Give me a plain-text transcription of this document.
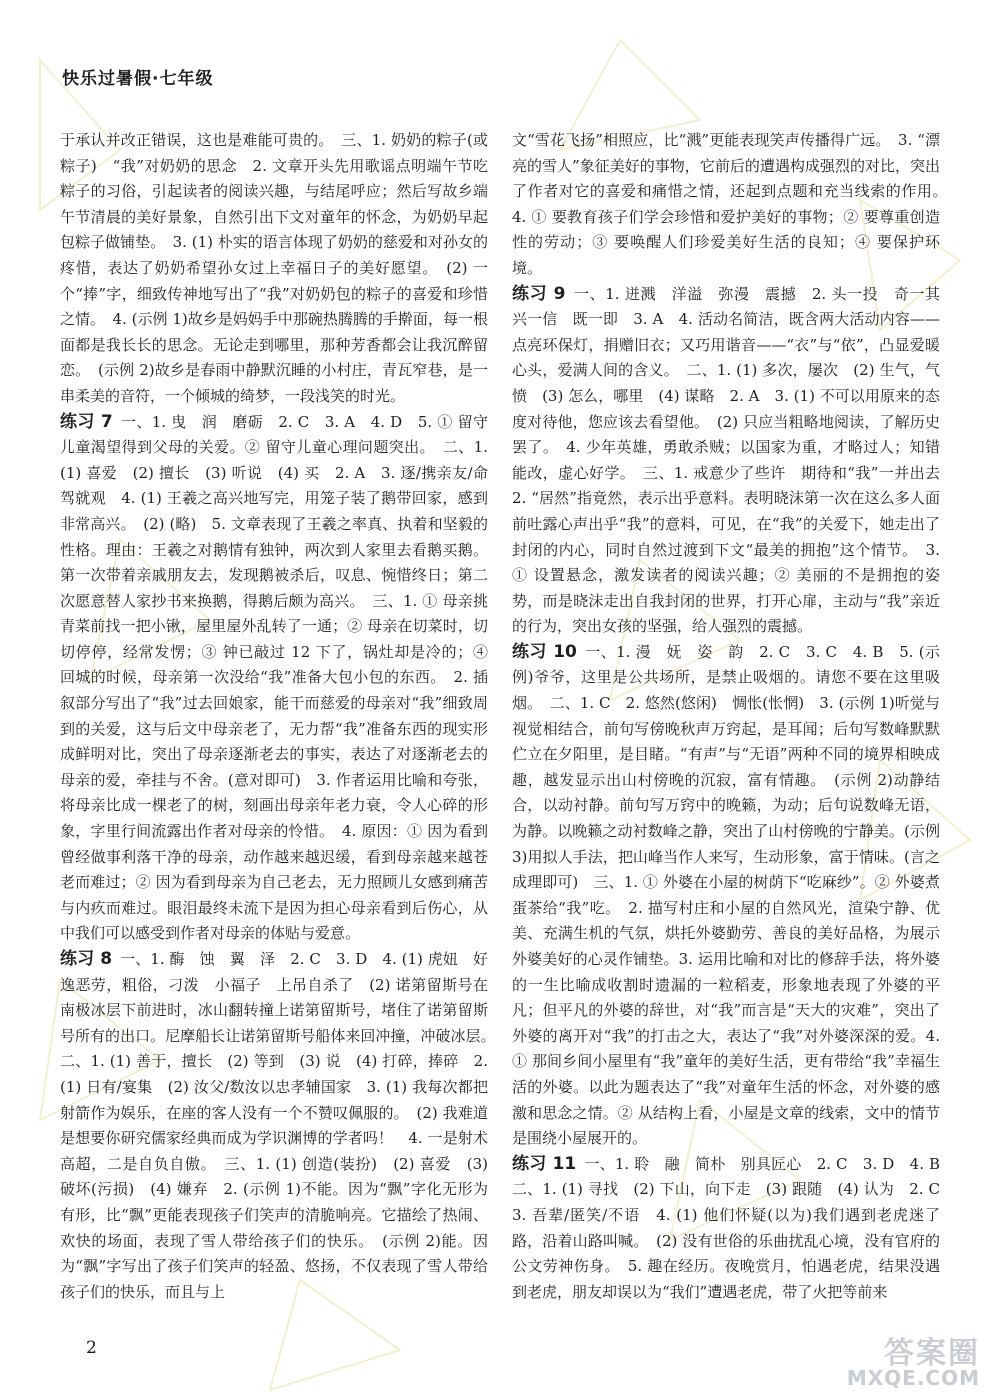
快乐过暑假·七年级

于承认并改正错误，这也是难能可贵的。　三、1. 奶奶的粽子(或粽子)　“我”对奶奶的思念　2. 文章开头先用歌谣点明端午节吃粽子的习俗，引起读者的阅读兴趣，与结尾呼应；然后写故乡端午节清晨的美好景象，自然引出下文对童年的怀念，为奶奶早起包粽子做铺垫。　3. (1) 朴实的语言体现了奶奶的慈爱和对孙女的疼惜，表达了奶奶希望孙女过上幸福日子的美好愿望。　(2) 一个“捧”字，细致传神地写出了“我”对奶奶包的粽子的喜爱和珍惜之情。　4. (示例 1)故乡是妈妈手中那碗热腾腾的手擀面，每一根面都是我长长的思念。无论走到哪里，那种芳香都会让我沉醉留恋。　(示例 2)故乡是春雨中静默沉睡的小村庄，青瓦窄巷，是一串柔美的音符，一个倾城的绮梦，一段浅笑的时光。

练习 7 一、1. 曳　润　磨砺　2. C　3. A　4. D　5. ① 留守儿童渴望得到父母的关爱。② 留守儿童心理问题突出。　二、1. (1) 喜爱　(2) 擅长　(3) 听说　(4) 买　2. A　3. 逐/携亲友/命驾就观　4. (1) 王羲之高兴地写完，用笼子装了鹅带回家，感到非常高兴。　(2) (略)　5. 文章表现了王羲之率真、执着和坚毅的性格。理由：王羲之对鹅情有独钟，两次到人家里去看鹅买鹅。第一次带着亲戚朋友去，发现鹅被杀后，叹息、惋惜终日；第二次愿意替人家抄书来换鹅，得鹅后颇为高兴。　三、1. ① 母亲挑青菜前找一把小锹，屋里屋外乱转了一通；② 母亲在切菜时，切切停停，经常发愣；③ 钟已敲过 12 下了，锅灶却是冷的；④ 回城的时候，母亲第一次没给“我”准备大包小包的东西。　2. 插叙部分写出了“我”过去回娘家，能干而慈爱的母亲对“我”细致周到的关爱，这与后文中母亲老了，无力帮“我”准备东西的现实形成鲜明对比，突出了母亲逐渐老去的事实，表达了对逐渐老去的母亲的爱，牵挂与不舍。(意对即可)　3. 作者运用比喻和夸张，将母亲比成一棵老了的树，刻画出母亲年老力衰，令人心碎的形象，字里行间流露出作者对母亲的怜惜。　4. 原因：① 因为看到曾经做事利落干净的母亲，动作越来越迟缓，看到母亲越来越苍老而难过；② 因为看到母亲为自己老去，无力照顾儿女感到痛苦与内疚而难过。眼泪最终未流下是因为担心母亲看到后伤心，从中我们可以感受到作者对母亲的体贴与爱意。

练习 8 一、1. 酶　蚀　翼　泽　2. C　3. D　4. (1) 虎妞　好逸恶劳，粗俗，刁泼　小福子　上吊自杀了　(2) 诺第留斯号在南极冰层下前进时，冰山翻转撞上诺第留斯号，堵住了诺第留斯号所有的出口。尼摩船长让诺第留斯号船体来回冲撞，冲破冰层。　二、1. (1) 善于，擅长　(2) 等到　(3) 说　(4) 打碎，捧碎　2. (1) 日有/宴集　(2) 汝父/数汝以忠孝辅国家　3. (1) 我每次都把射箭作为娱乐，在座的客人没有一个不赞叹佩服的。　(2) 我难道是想要你研究儒家经典而成为学识渊博的学者吗！　4. 一是射术高超，二是自负自傲。　三、1. (1) 创造(装扮)　(2) 喜爱　(3) 破坏(污损)　(4) 嫌弃　2. (示例 1)不能。因为“飘”字化无形为有形，比“飘”更能表现孩子们笑声的清脆响亮。它描绘了热闹、欢快的场面，表现了雪人带给孩子们的快乐。　(示例 2)能。因为“飘”字写出了孩子们笑声的轻盈、悠扬，不仅表现了雪人带给孩子们的快乐，而且与上

文“雪花飞扬”相照应，比“溅”更能表现笑声传播得广远。　3. “漂亮的雪人”象征美好的事物，它前后的遭遇构成强烈的对比，突出了作者对它的喜爱和痛惜之情，还起到点题和充当线索的作用。　4. ① 要教育孩子们学会珍惜和爱护美好的事物；② 要尊重创造性的劳动；③ 要唤醒人们珍爱美好生活的良知；④ 要保护环境。

练习 9 一、1. 迸溅　洋溢　弥漫　震撼　2. 头一投　奇一其　兴一信　既一即　3. A　4. 活动名简洁，既含两大活动内容——点亮环保灯，捐赠旧衣；又巧用谐音——“衣”与“依”，凸显爱暖心头，爱满人间的含义。　二、1. (1) 多次，屡次　(2) 生气，气愤　(3) 怎么，哪里　(4) 谋略　2. A　3. (1) 不可以用原来的态度对待他，您应该去看望他。　(2) 只应当粗略地阅读，了解历史罢了。　4. 少年英雄，勇敢杀贼；以国家为重，才略过人；知错能改，虚心好学。　三、1. 戒意少了些许　期待和“我”一并出去　2. “居然”指竟然，表示出乎意料。表明晓沫第一次在这么多人面前吐露心声出乎“我”的意料，可见，在“我”的关爱下，她走出了封闭的内心，同时自然过渡到下文“最美的拥抱”这个情节。　3. ① 设置悬念，激发读者的阅读兴趣；② 美丽的不是拥抱的姿势，而是晓沫走出自我封闭的世界，打开心扉，主动与“我”亲近的行为，突出女孩的坚强，给人强烈的震撼。

练习 10 一、1. 漫　妩　姿　韵　2. C　3. C　4. B　5. (示例)爷爷，这里是公共场所，是禁止吸烟的。请您不要在这里吸烟。　二、1. C　2. 悠然(悠闲)　惆怅(怅惘)　3. (示例 1)听觉与视觉相结合，前句写傍晚秋声万窍起，是耳闻；后句写数峰默默伫立在夕阳里，是目睹。“有声”与“无语”两种不同的境界相映成趣，越发显示出山村傍晚的沉寂，富有情趣。　(示例 2)动静结合，以动衬静。前句写万窍中的晚籁，为动；后句说数峰无语，为静。以晚籁之动衬数峰之静，突出了山村傍晚的宁静美。(示例 3)用拟人手法，把山峰当作人来写，生动形象，富于情味。(言之成理即可)　三、1. ① 外婆在小屋的树荫下“吃麻纱”。② 外婆煮蛋茶给“我”吃。　2. 描写村庄和小屋的自然风光，渲染宁静、优美、充满生机的气氛，烘托外婆勤劳、善良的美好品格，为展示外婆美好的心灵作铺垫。3. 运用比喻和对比的修辞手法，将外婆的一生比喻成收割时遗漏的一粒稻麦，形象地表现了外婆的平凡；但平凡的外婆的辞世，对“我”而言是“天大的灾难”，突出了外婆的离开对“我”的打击之大，表达了“我”对外婆深深的爱。4. ① 那间乡间小屋里有“我”童年的美好生活，更有带给“我”幸福生活的外婆。以此为题表达了“我”对童年生活的怀念，对外婆的感激和思念之情。② 从结构上看，小屋是文章的线索，文中的情节是围绕小屋展开的。

练习 11 一、1. 聆　融　简朴　别具匠心　2. C　3. D　4. B　二、1. (1) 寻找　(2) 下山，向下走　(3) 跟随　(4) 认为　2. C　3. 吾辈/匿笑/不语　4. (1) 他们怀疑(以为)我们遇到老虎迷了路，沿着山路叫喊。　(2) 没有世俗的乐曲扰乱心境，没有官府的公文劳神伤身。　5. 趣在经历。夜晚赏月，怕遇老虎，结果没遇到老虎，朋友却误以为“我们”遭遇老虎，带了火把等前来

2	答案圈
MXQE.COM
